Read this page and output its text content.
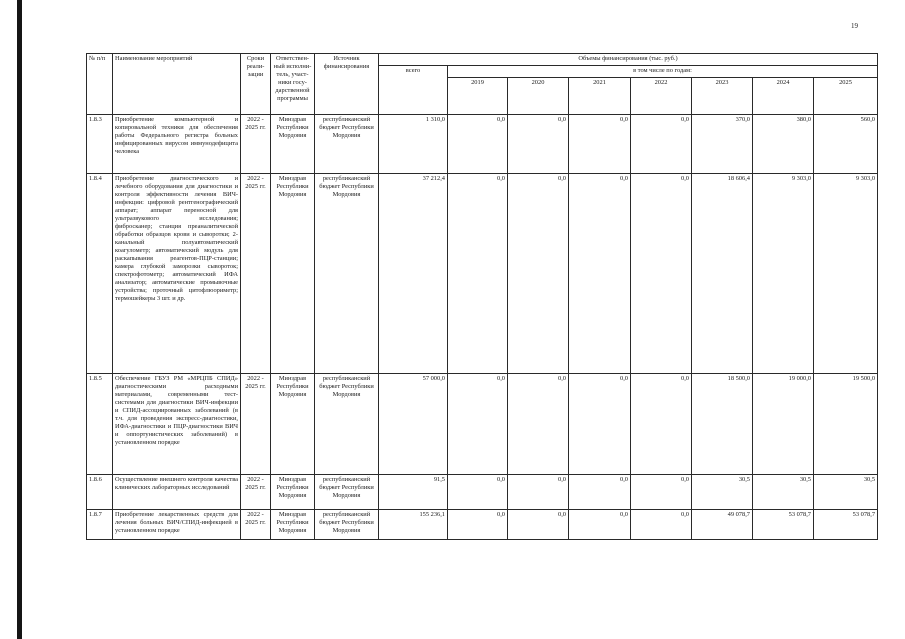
19
№ п/п	Наименование мероприятий	Сроки реали-зации	Ответствен-ный исполни-тель, участ-ники госу-дарственной программы	Источник финансирования	Объемы финансирования (тыс. руб.)							
					всего	в том числе по годам:						
						2019	2020	2021	2022	2023	2024	2025
1.8.3	Приобретение компьютерной и копировальной техники для обеспечения работы Федерального регистра больных инфицированных вирусом иммунодефицита человека	2022 - 2025 гг.	Минздрав Республики Мордовия	республиканский бюджет Республики Мордовия	1 310,0	0,0	0,0	0,0	0,0	370,0	380,0	560,0
1.8.4	Приобретение диагностического и лечебного оборудования для диагностики и контроля эффективности лечения ВИЧ-инфекции: цифровой рентгенографический аппарат; аппарат переносной для ультразвукового исследования; фибросканер; станция преаналитической обработки образцов крови и сыворотки; 2-канальный полуавтоматический коагулометр; автоматический модуль для раскапывания реагентов-ПЦР-станции; камера глубокой заморозки сывороток; спектрофотометр; автоматический ИФА анализатор; автоматические промывочные устройства; проточный цитофлюориметр; термошейкеры 3 шт. и др.	2022 - 2025 гг.	Минздрав Республики Мордовия	республиканский бюджет Республики Мордовия	37 212,4	0,0	0,0	0,0	0,0	18 606,4	9 303,0	9 303,0
1.8.5	Обеспечение ГБУЗ РМ «МРЦПБ СПИД» диагностическими расходными материалами, современными тест-системами для диагностики ВИЧ-инфекции и СПИД-ассоциированных заболеваний (в т.ч. для проведения экспресс-диагностики, ИФА-диагностики и ПЦР-диагностики ВИЧ и оппортунистических заболеваний) в установленном порядке	2022 - 2025 гг.	Минздрав Республики Мордовия	республиканский бюджет Республики Мордовия	57 000,0	0,0	0,0	0,0	0,0	18 500,0	19 000,0	19 500,0
1.8.6	Осуществление внешнего контроля качества клинических лабораторных исследований	2022 - 2025 гг.	Минздрав Республики Мордовия	республиканский бюджет Республики Мордовия	91,5	0,0	0,0	0,0	0,0	30,5	30,5	30,5
1.8.7	Приобретение лекарственных средств для лечения больных ВИЧ/СПИД-инфекцией в установленном порядке	2022 - 2025 гг.	Минздрав Республики Мордовия	республиканский бюджет Республики Мордовия	155 236,1	0,0	0,0	0,0	0,0	49 078,7	53 078,7	53 078,7
